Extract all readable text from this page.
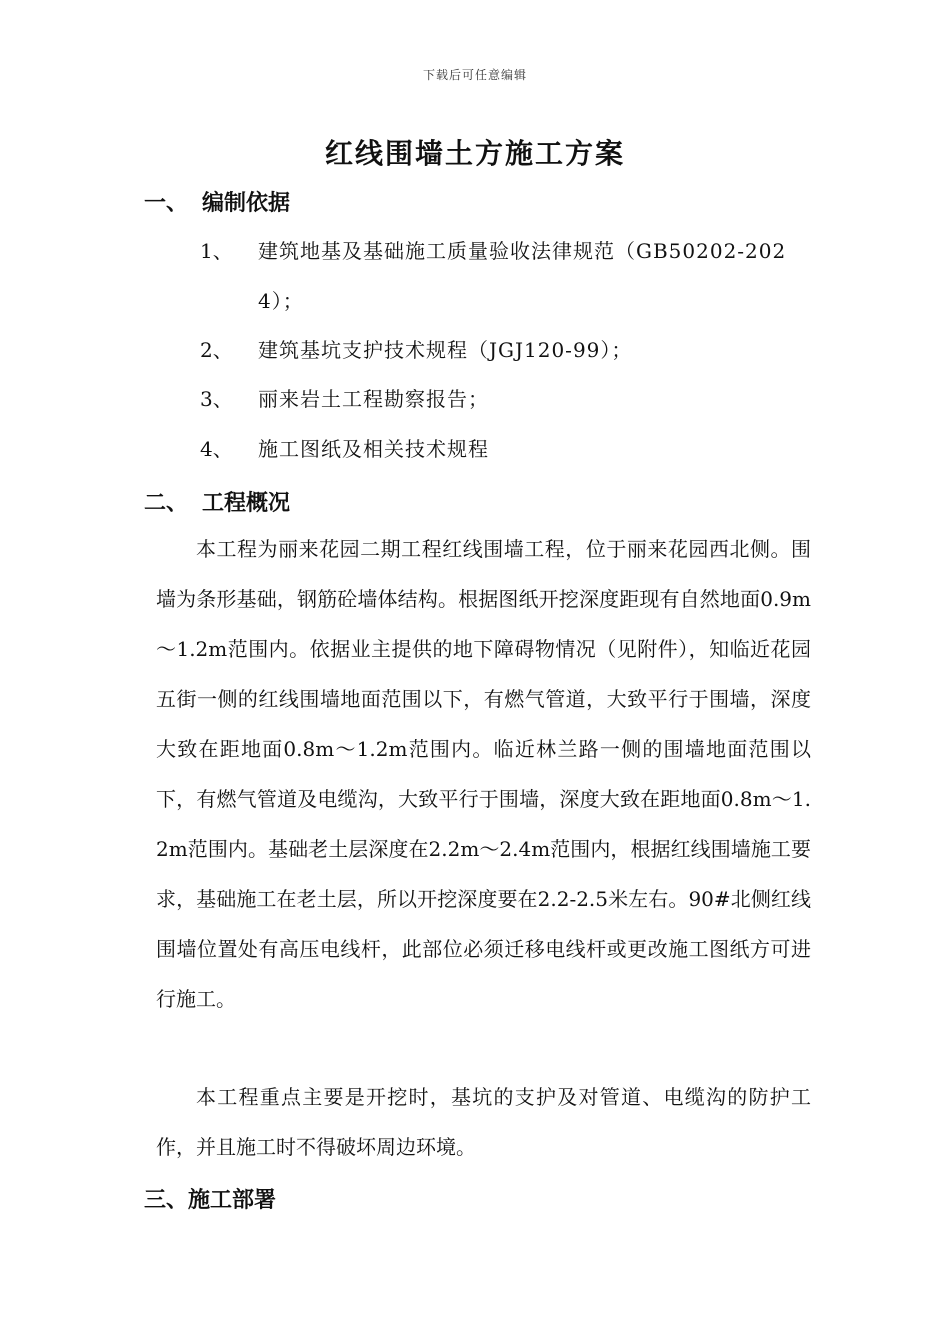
下载后可任意编辑
红线围墙土方施工方案
一、 编制依据
1、	建筑地基及基础施工质量验收法律规范（GB50202-2024）；
2、	建筑基坑支护技术规程（JGJ120-99）；
3、	丽来岩土工程勘察报告；
4、	施工图纸及相关技术规程
二、 工程概况
本工程为丽来花园二期工程红线围墙工程，位于丽来花园西北侧。围墙为条形基础，钢筋砼墙体结构。根据图纸开挖深度距现有自然地面0.9m～1.2m范围内。依据业主提供的地下障碍物情况（见附件），知临近花园五街一侧的红线围墙地面范围以下，有燃气管道，大致平行于围墙，深度大致在距地面0.8m～1.2m范围内。临近林兰路一侧的围墙地面范围以下，有燃气管道及电缆沟，大致平行于围墙，深度大致在距地面0.8m～1.2m范围内。基础老土层深度在2.2m～2.4m范围内，根据红线围墙施工要求，基础施工在老土层，所以开挖深度要在2.2-2.5米左右。90#北侧红线围墙位置处有高压电线杆，此部位必须迁移电线杆或更改施工图纸方可进行施工。
本工程重点主要是开挖时，基坑的支护及对管道、电缆沟的防护工作，并且施工时不得破坏周边环境。
三、施工部署
